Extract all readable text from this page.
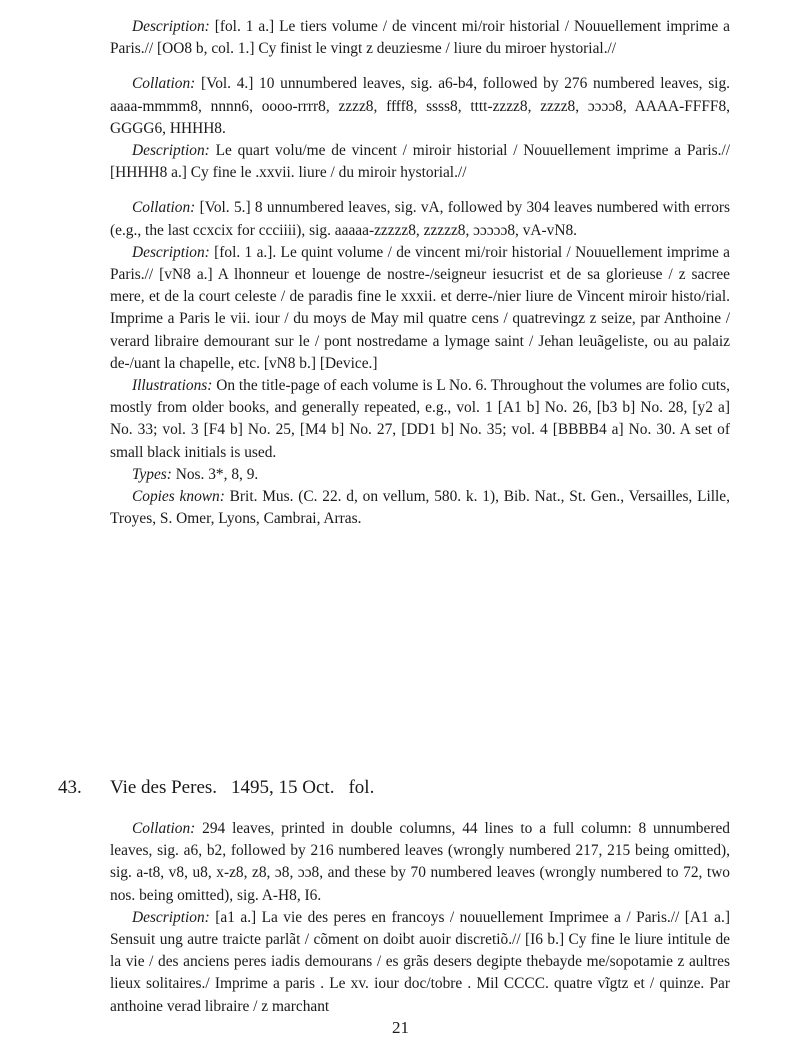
Description: [fol. 1 a.] Le tiers volume / de vincent mi/roir historial / Nouuellement imprime a Paris.// [OO8 b, col. 1.] Cy finist le vingt z deuziesme / liure du miroer hystorial.//

Collation: [Vol. 4.] 10 unnumbered leaves, sig. a6-b4, followed by 276 numbered leaves, sig. aaaa-mmmm8, nnnn6, oooo-rrrr8, zzzz8, ffff8, ssss8, tttt-zzzz8, zzzz8, ɔɔɔɔ8, AAAA-FFFF8, GGGG6, HHHH8.

Description: Le quart volu/me de vincent / miroir historial / Nouuellement imprime a Paris.// [HHHH8 a.] Cy fine le .xxvii. liure / du miroir hystorial.//

Collation: [Vol. 5.] 8 unnumbered leaves, sig. vA, followed by 304 leaves numbered with errors (e.g., the last ccxcix for ccciiii), sig. aaaaa-zzzzz8, zzzzz8, ɔɔɔɔɔ8, vA-vN8.

Description: [fol. 1 a.]. Le quint volume / de vincent mi/roir historial / Nouuellement imprime a Paris.// [vN8 a.] A lhonneur et louenge de nostre-/seigneur iesucrist et de sa glorieuse / z sacree mere, et de la court celeste / de paradis fine le xxxii. et derre-/nier liure de Vincent miroir histo/rial. Imprime a Paris le vii. iour / du moys de May mil quatre cens / quatrevingz z seize, par Anthoine / verard libraire demourant sur le / pont nostredame a lymage saint / Jehan leuãgeliste, ou au palaiz de-/uant la chapelle, etc. [vN8 b.] [Device.]

Illustrations: On the title-page of each volume is L No. 6. Throughout the volumes are folio cuts, mostly from older books, and generally repeated, e.g., vol. 1 [A1 b] No. 26, [b3 b] No. 28, [y2 a] No. 33; vol. 3 [F4 b] No. 25, [M4 b] No. 27, [DD1 b] No. 35; vol. 4 [BBBB4 a] No. 30. A set of small black initials is used.

Types: Nos. 3*, 8, 9.

Copies known: Brit. Mus. (C. 22. d, on vellum, 580. k. 1), Bib. Nat., St. Gen., Versailles, Lille, Troyes, S. Omer, Lyons, Cambrai, Arras.

43. Vie des Peres. 1495, 15 Oct. fol.

Collation: 294 leaves, printed in double columns, 44 lines to a full column: 8 unnumbered leaves, sig. a6, b2, followed by 216 numbered leaves (wrongly numbered 217, 215 being omitted), sig. a-t8, v8, u8, x-z8, z8, ɔ8, ɔɔ8, and these by 70 numbered leaves (wrongly numbered to 72, two nos. being omitted), sig. A-H8, I6.

Description: [a1 a.] La vie des peres en francoys / nouuellement Imprimee a / Paris.// [A1 a.] Sensuit ung autre traicte parlãt / cõment on doibt auoir discretiõ.// [I6 b.] Cy fine le liure intitule de la vie / des anciens peres iadis demourans / es grãs desers degipte thebayde me/sopotamie z aultres lieux solitaires./ Imprime a paris . Le xv. iour doc/tobre . Mil CCCC. quatre vĩgtz et / quinze. Par anthoine verad libraire / z marchant

21
